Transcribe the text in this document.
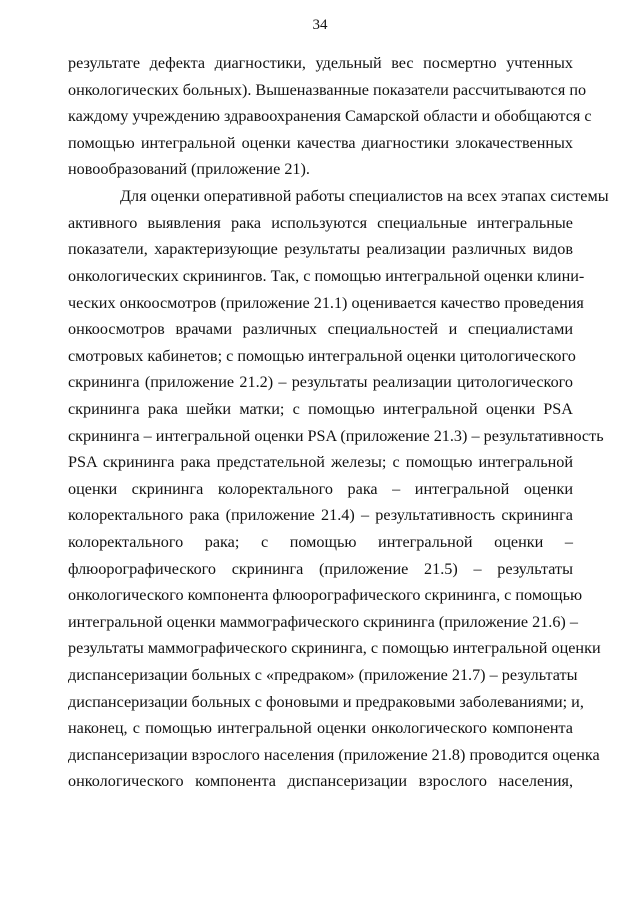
34
результате дефекта диагностики, удельный вес посмертно учтенных
онкологических больных). Вышеназванные показатели рассчитываются по
каждому учреждению здравоохранения Самарской области и обобщаются с
помощью интегральной оценки качества диагностики злокачественных
новообразований (приложение 21).
Для оценки оперативной работы специалистов на всех этапах системы
активного выявления рака используются специальные интегральные
показатели, характеризующие результаты реализации различных видов
онкологических скринингов. Так, с помощью интегральной оценки клини-
ческих онкоосмотров (приложение 21.1) оценивается качество проведения
онкоосмотров врачами различных специальностей и специалистами
смотровых кабинетов; с помощью интегральной оценки цитологического
скрининга (приложение 21.2) – результаты реализации цитологического
скрининга рака шейки матки; с помощью интегральной оценки PSA
скрининга – интегральной оценки PSA (приложение 21.3) – результативность
PSA скрининга рака предстательной железы; с помощью интегральной
оценки скрининга колоректального рака – интегральной оценки
колоректального рака (приложение 21.4) – результативность скрининга
колоректального рака; с помощью интегральной оценки –
флюорографического скрининга (приложение 21.5) – результаты
онкологического компонента флюорографического скрининга, с помощью
интегральной оценки маммографического скрининга (приложение 21.6) –
результаты маммографического скрининга, с помощью интегральной оценки
диспансеризации больных с «предраком» (приложение 21.7) – результаты
диспансеризации больных с фоновыми и предраковыми заболеваниями; и,
наконец, с помощью интегральной оценки онкологического компонента
диспансеризации взрослого населения (приложение 21.8) проводится оценка
онкологического компонента диспансеризации взрослого населения,
